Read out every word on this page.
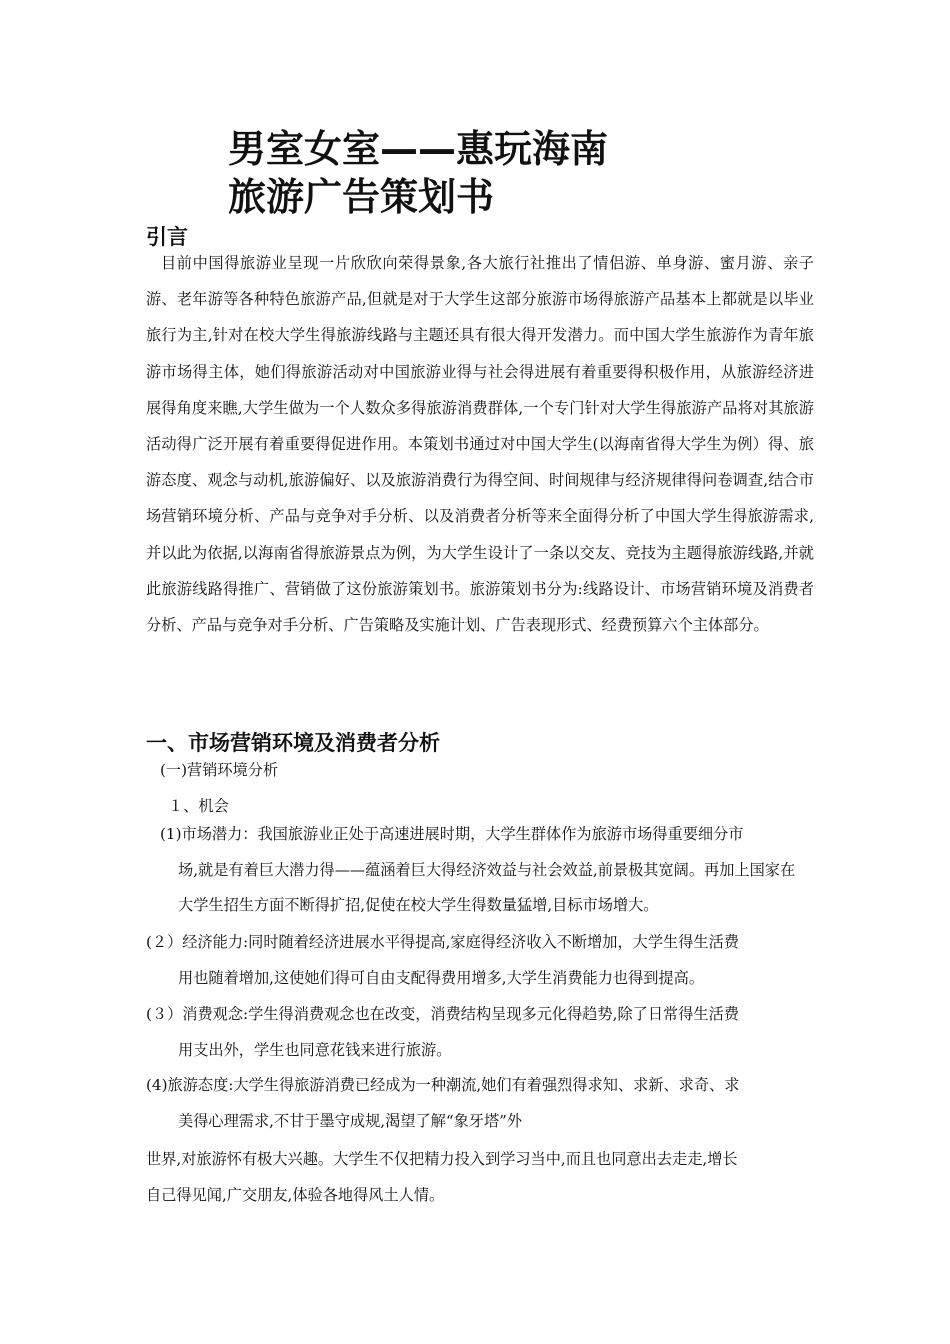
男室女室——惠玩海南
旅游广告策划书
引言
目前中国得旅游业呈现一片欣欣向荣得景象,各大旅行社推出了情侣游、单身游、蜜月游、亲子游、老年游等各种特色旅游产品,但就是对于大学生这部分旅游市场得旅游产品基本上都就是以毕业旅行为主,针对在校大学生得旅游线路与主题还具有很大得开发潜力。而中国大学生旅游作为青年旅游市场得主体，她们得旅游活动对中国旅游业得与社会得进展有着重要得积极作用，从旅游经济进展得角度来瞧,大学生做为一个人数众多得旅游消费群体,一个专门针对大学生得旅游产品将对其旅游活动得广泛开展有着重要得促进作用。本策划书通过对中国大学生(以海南省得大学生为例）得、旅游态度、观念与动机,旅游偏好、以及旅游消费行为得空间、时间规律与经济规律得问卷调查,结合市场营销环境分析、产品与竞争对手分析、以及消费者分析等来全面得分析了中国大学生得旅游需求,并以此为依据,以海南省得旅游景点为例，为大学生设计了一条以交友、竞技为主题得旅游线路,并就此旅游线路得推广、营销做了这份旅游策划书。旅游策划书分为:线路设计、市场营销环境及消费者分析、产品与竞争对手分析、广告策略及实施计划、广告表现形式、经费预算六个主体部分。
一、市场营销环境及消费者分析
(一)营销环境分析
１、机会
(1)市场潜力：我国旅游业正处于高速进展时期，大学生群体作为旅游市场得重要细分市
场,就是有着巨大潜力得——蕴涵着巨大得经济效益与社会效益,前景极其宽阔。再加上国家在大学生招生方面不断得扩招,促使在校大学生得数量猛增,目标市场增大。
(２）经济能力:同时随着经济进展水平得提高,家庭得经济收入不断增加，大学生得生活费
用也随着增加,这使她们得可自由支配得费用增多,大学生消费能力也得到提高。
(３）消费观念:学生得消费观念也在改变，消费结构呈现多元化得趋势,除了日常得生活费
用支出外，学生也同意花钱来进行旅游。
(4)旅游态度:大学生得旅游消费已经成为一种潮流,她们有着强烈得求知、求新、求奇、求
美得心理需求,不甘于墨守成规,渴望了解“象牙塔”外
世界,对旅游怀有极大兴趣。大学生不仅把精力投入到学习当中,而且也同意出去走走,增长
自己得见闻,广交朋友,体验各地得风土人情。
